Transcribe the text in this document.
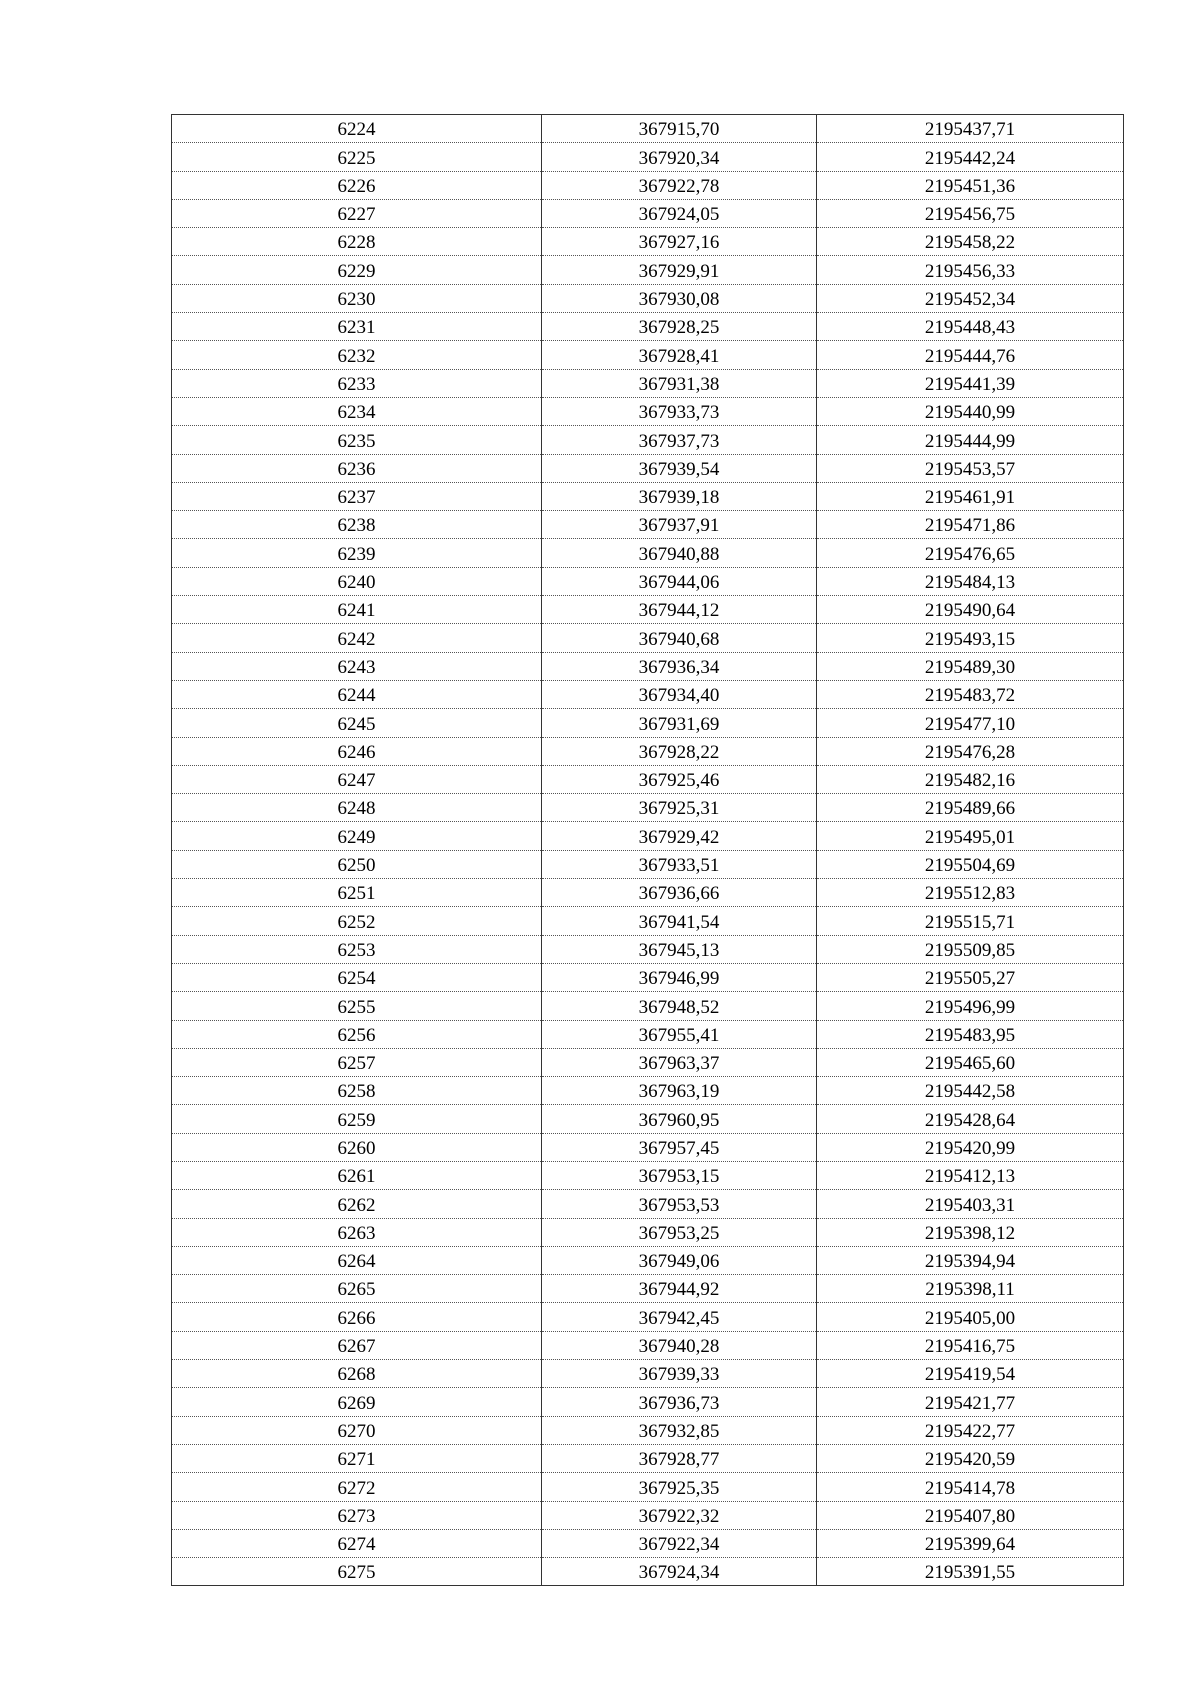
6224	367915,70	2195437,71
6225	367920,34	2195442,24
6226	367922,78	2195451,36
6227	367924,05	2195456,75
6228	367927,16	2195458,22
6229	367929,91	2195456,33
6230	367930,08	2195452,34
6231	367928,25	2195448,43
6232	367928,41	2195444,76
6233	367931,38	2195441,39
6234	367933,73	2195440,99
6235	367937,73	2195444,99
6236	367939,54	2195453,57
6237	367939,18	2195461,91
6238	367937,91	2195471,86
6239	367940,88	2195476,65
6240	367944,06	2195484,13
6241	367944,12	2195490,64
6242	367940,68	2195493,15
6243	367936,34	2195489,30
6244	367934,40	2195483,72
6245	367931,69	2195477,10
6246	367928,22	2195476,28
6247	367925,46	2195482,16
6248	367925,31	2195489,66
6249	367929,42	2195495,01
6250	367933,51	2195504,69
6251	367936,66	2195512,83
6252	367941,54	2195515,71
6253	367945,13	2195509,85
6254	367946,99	2195505,27
6255	367948,52	2195496,99
6256	367955,41	2195483,95
6257	367963,37	2195465,60
6258	367963,19	2195442,58
6259	367960,95	2195428,64
6260	367957,45	2195420,99
6261	367953,15	2195412,13
6262	367953,53	2195403,31
6263	367953,25	2195398,12
6264	367949,06	2195394,94
6265	367944,92	2195398,11
6266	367942,45	2195405,00
6267	367940,28	2195416,75
6268	367939,33	2195419,54
6269	367936,73	2195421,77
6270	367932,85	2195422,77
6271	367928,77	2195420,59
6272	367925,35	2195414,78
6273	367922,32	2195407,80
6274	367922,34	2195399,64
6275	367924,34	2195391,55
